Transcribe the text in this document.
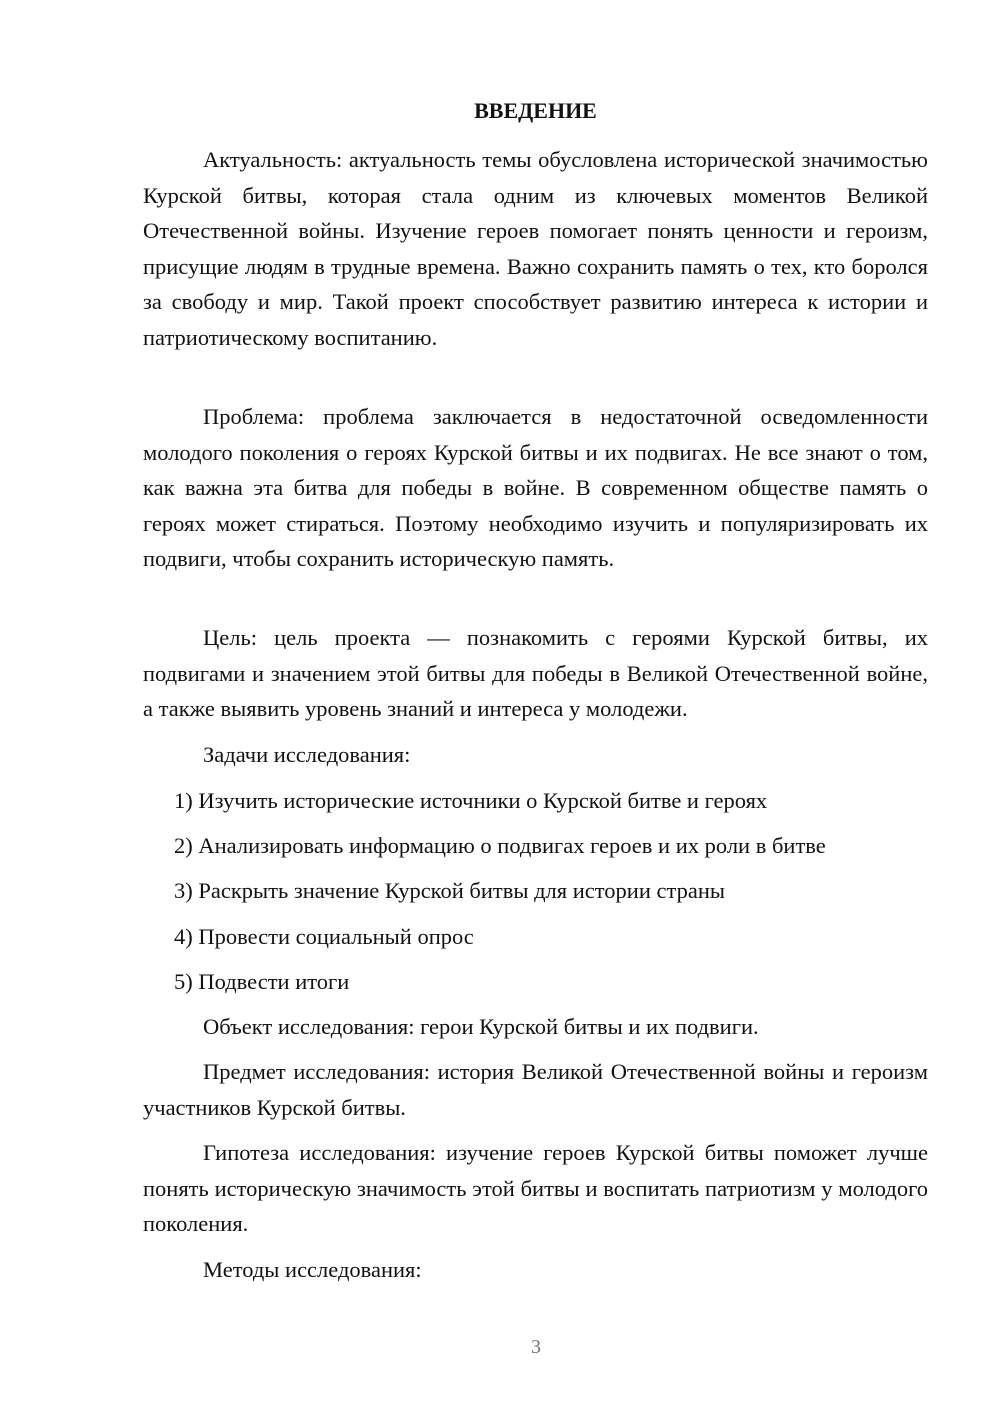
ВВЕДЕНИЕ

Актуальность: актуальность темы обусловлена исторической значимостью Курской битвы, которая стала одним из ключевых моментов Великой Отечественной войны. Изучение героев помогает понять ценности и героизм, присущие людям в трудные времена. Важно сохранить память о тех, кто боролся за свободу и мир. Такой проект способствует развитию интереса к истории и патриотическому воспитанию.

Проблема: проблема заключается в недостаточной осведомленности молодого поколения о героях Курской битвы и их подвигах. Не все знают о том, как важна эта битва для победы в войне. В современном обществе память о героях может стираться. Поэтому необходимо изучить и популяризировать их подвиги, чтобы сохранить историческую память.

Цель: цель проекта — познакомить с героями Курской битвы, их подвигами и значением этой битвы для победы в Великой Отечественной войне, а также выявить уровень знаний и интереса у молодежи.

Задачи исследования:

1) Изучить исторические источники о Курской битве и героях

2) Анализировать информацию о подвигах героев и их роли в битве

3) Раскрыть значение Курской битвы для истории страны

4) Провести социальный опрос

5) Подвести итоги

Объект исследования: герои Курской битвы и их подвиги.

Предмет исследования: история Великой Отечественной войны и героизм участников Курской битвы.

Гипотеза исследования: изучение героев Курской битвы поможет лучше понять историческую значимость этой битвы и воспитать патриотизм у молодого поколения.

Методы исследования:

3
